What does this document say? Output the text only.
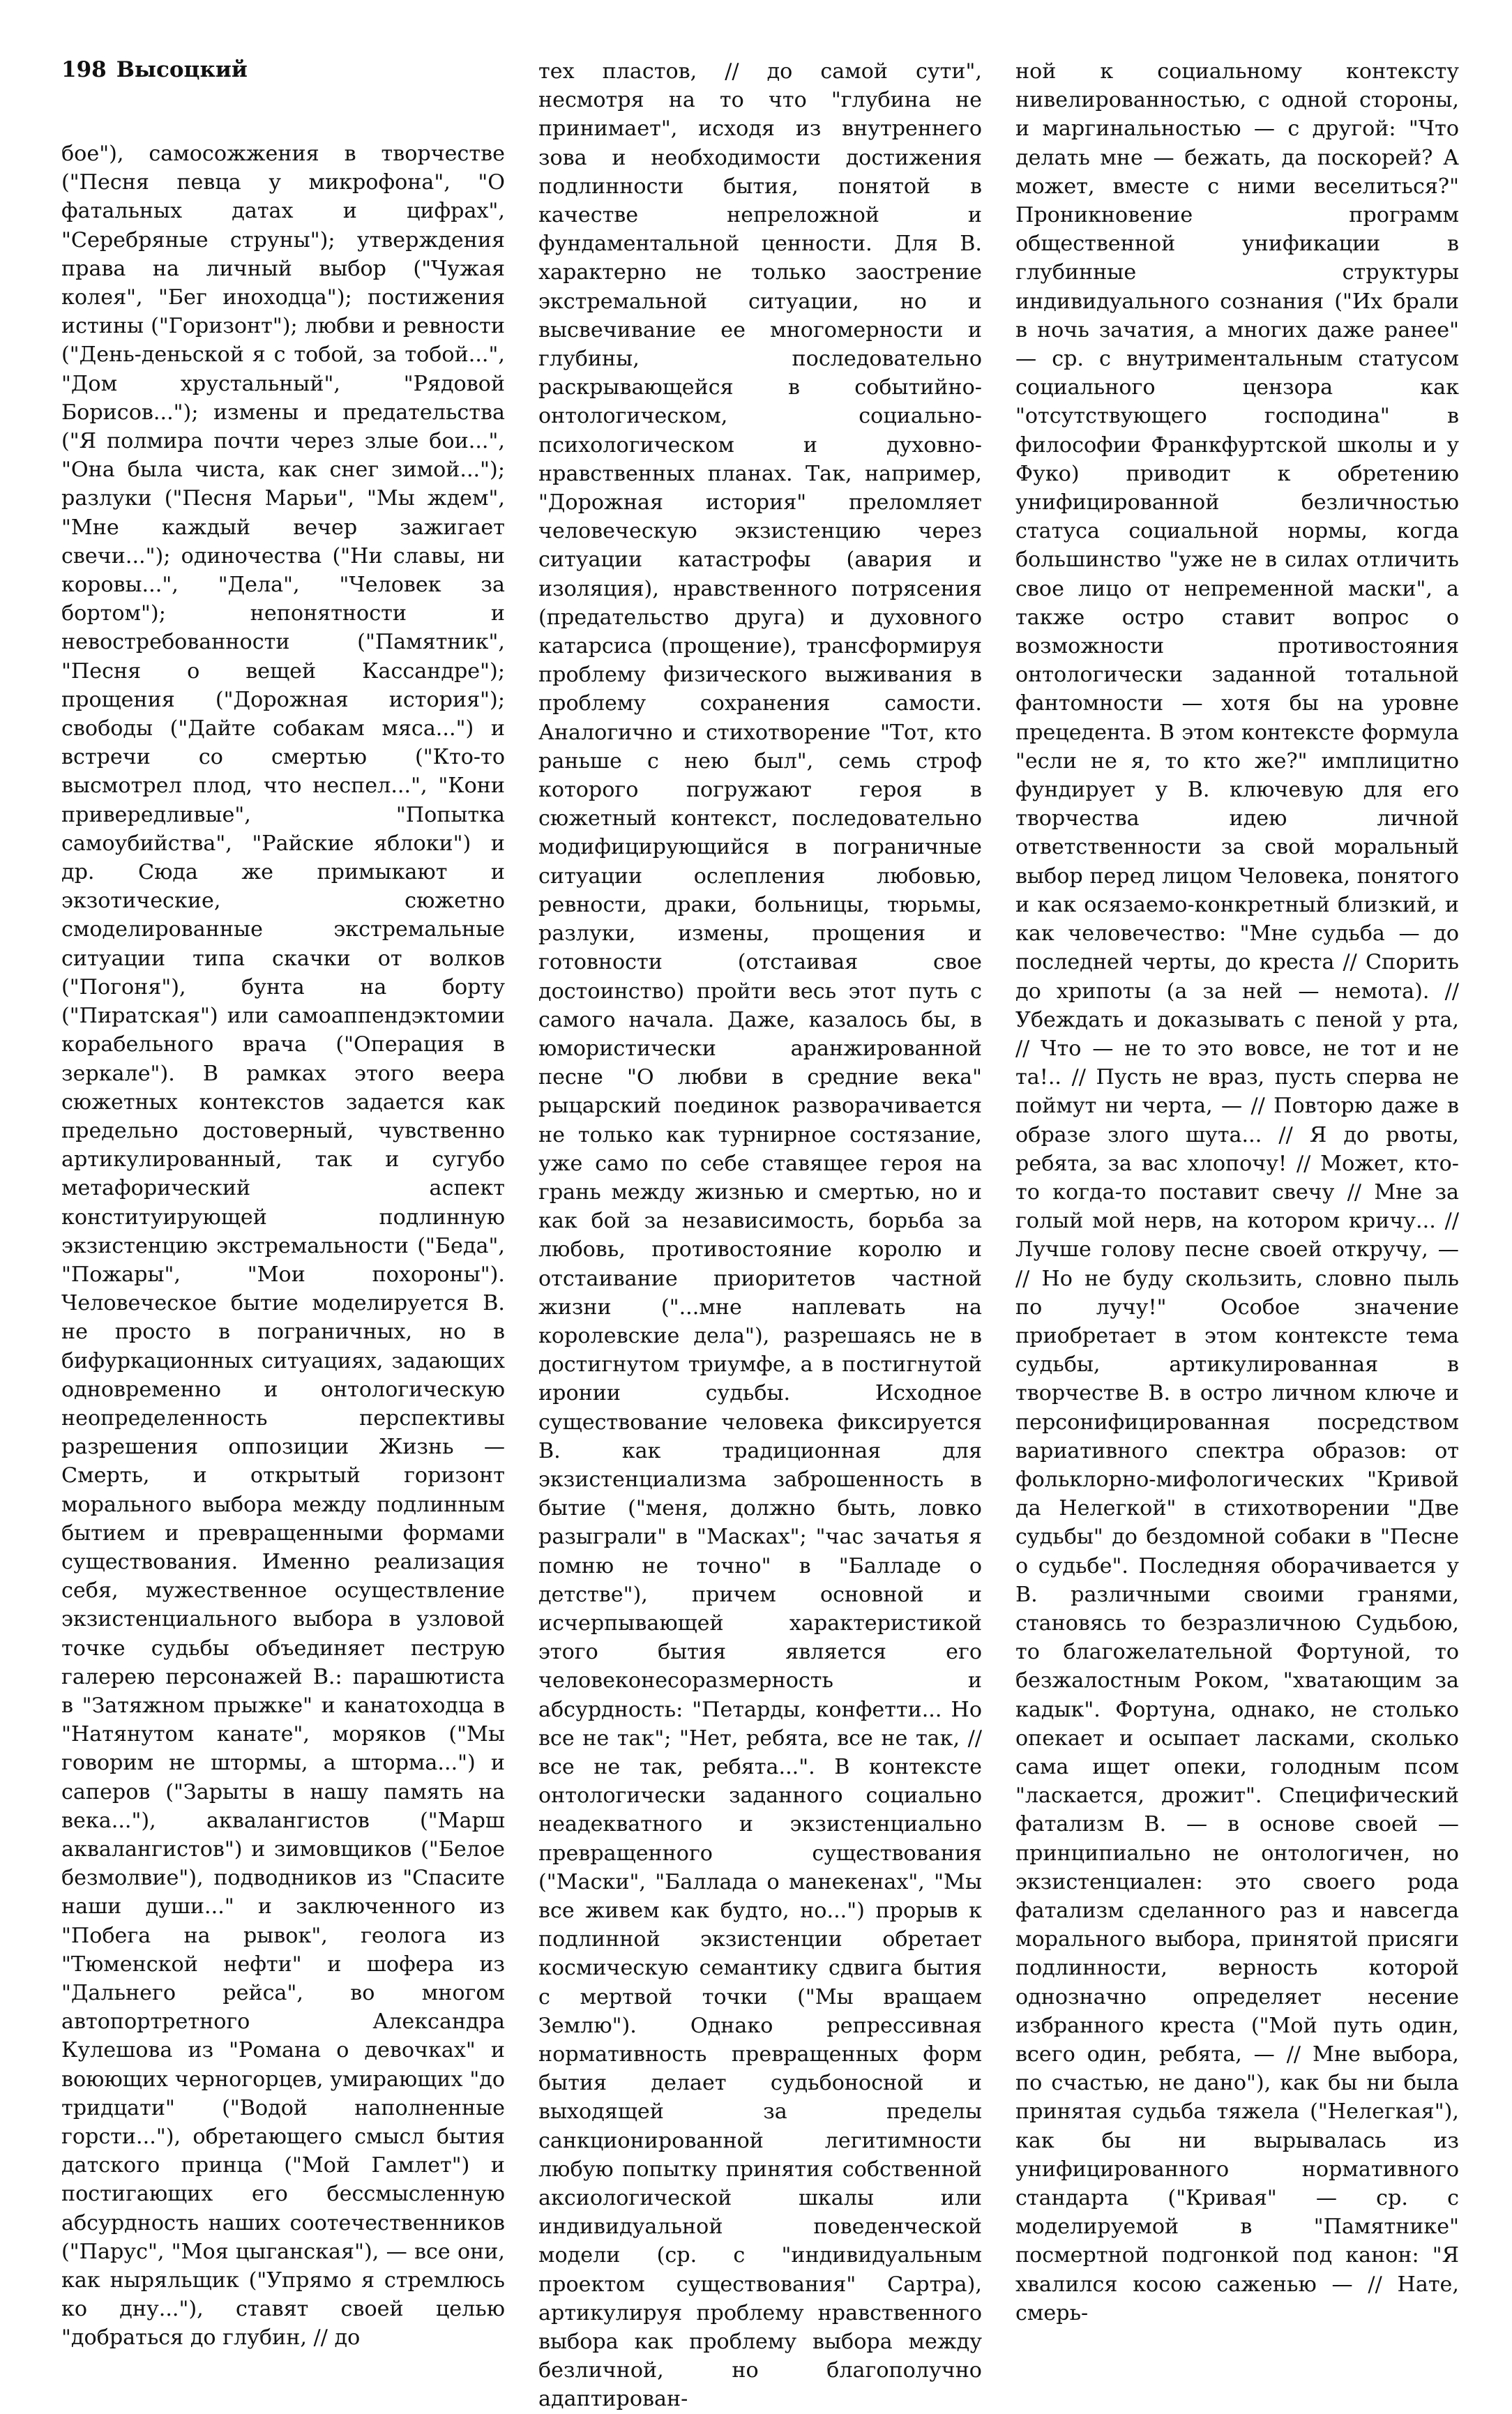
198 Высоцкий

бое"), самосожжения в творчестве ("Песня певца у микрофона", "О фатальных датах и цифрах", "Серебряные струны"); утверждения права на личный выбор ("Чужая колея", "Бег иноходца"); постижения истины ("Горизонт"); любви и ревности ("День-деньской я с тобой, за тобой...", "Дом хрустальный", "Рядовой Борисов..."); измены и предательства ("Я полмира почти через злые бои...", "Она была чиста, как снег зимой..."); разлуки ("Песня Марьи", "Мы ждем", "Мне каждый вечер зажигает свечи..."); одиночества ("Ни славы, ни коровы...", "Дела", "Человек за бортом"); непонятности и невостребованности ("Памятник", "Песня о вещей Кассандре"); прощения ("Дорожная история"); свободы ("Дайте собакам мяса...") и встречи со смертью ("Кто-то высмотрел плод, что неспел...", "Кони привередливые", "Попытка самоубийства", "Райские яблоки") и др. Сюда же примыкают и экзотические, сюжетно смоделированные экстремальные ситуации типа скачки от волков ("Погоня"), бунта на борту ("Пиратская") или самоаппендэктомии корабельного врача ("Операция в зеркале"). В рамках этого веера сюжетных контекстов задается как предельно достоверный, чувственно артикулированный, так и сугубо метафорический аспект конституирующей подлинную экзистенцию экстремальности ("Беда", "Пожары", "Мои похороны"). Человеческое бытие моделируется В. не просто в пограничных, но в бифуркационных ситуациях, задающих одновременно и онтологическую неопределенность перспективы разрешения оппозиции Жизнь — Смерть, и открытый горизонт морального выбора между подлинным бытием и превращенными формами существования. Именно реализация себя, мужественное осуществление экзистенциального выбора в узловой точке судьбы объединяет пеструю галерею персонажей В.: парашютиста в "Затяжном прыжке" и канатоходца в "Натянутом канате", моряков ("Мы говорим не штормы, а шторма...") и саперов ("Зарыты в нашу память на века..."), аквалангистов ("Марш аквалангистов") и зимовщиков ("Белое безмолвие"), подводников из "Спасите наши души..." и заключенного из "Побега на рывок", геолога из "Тюменской нефти" и шофера из "Дальнего рейса", во многом автопортретного Александра Кулешова из "Романа о девочках" и воюющих черногорцев, умирающих "до тридцати" ("Водой наполненные горсти..."), обретающего смысл бытия датского принца ("Мой Гамлет") и постигающих его бессмысленную абсурдность наших соотечественников ("Парус", "Моя цыганская"), — все они, как ныряльщик ("Упрямо я стремлюсь ко дну..."), ставят своей целью "добраться до глубин, // до

тех пластов, // до самой сути", несмотря на то что "глубина не принимает", исходя из внутреннего зова и необходимости достижения подлинности бытия, понятой в качестве непреложной и фундаментальной ценности. Для В. характерно не только заострение экстремальной ситуации, но и высвечивание ее многомерности и глубины, последовательно раскрывающейся в событийно-онтологическом, социально-психологическом и духовно-нравственных планах. Так, например, "Дорожная история" преломляет человеческую экзистенцию через ситуации катастрофы (авария и изоляция), нравственного потрясения (предательство друга) и духовного катарсиса (прощение), трансформируя проблему физического выживания в проблему сохранения самости. Аналогично и стихотворение "Тот, кто раньше с нею был", семь строф которого погружают героя в сюжетный контекст, последовательно модифицирующийся в пограничные ситуации ослепления любовью, ревности, драки, больницы, тюрьмы, разлуки, измены, прощения и готовности (отстаивая свое достоинство) пройти весь этот путь с самого начала. Даже, казалось бы, в юмористически аранжированной песне "О любви в средние века" рыцарский поединок разворачивается не только как турнирное состязание, уже само по себе ставящее героя на грань между жизнью и смертью, но и как бой за независимость, борьба за любовь, противостояние королю и отстаивание приоритетов частной жизни ("...мне наплевать на королевские дела"), разрешаясь не в достигнутом триумфе, а в постигнутой иронии судьбы. Исходное существование человека фиксируется В. как традиционная для экзистенциализма заброшенность в бытие ("меня, должно быть, ловко разыграли" в "Масках"; "час зачатья я помню не точно" в "Балладе о детстве"), причем основной и исчерпывающей характеристикой этого бытия является его человеконесоразмерность и абсурдность: "Петарды, конфетти... Но все не так"; "Нет, ребята, все не так, // все не так, ребята...". В контексте онтологически заданного социально неадекватного и экзистенциально превращенного существования ("Маски", "Баллада о манекенах", "Мы все живем как будто, но...") прорыв к подлинной экзистенции обретает космическую семантику сдвига бытия с мертвой точки ("Мы вращаем Землю"). Однако репрессивная нормативность превращенных форм бытия делает судьбоносной и выходящей за пределы санкционированной легитимности любую попытку принятия собственной аксиологической шкалы или индивидуальной поведенческой модели (ср. с "индивидуальным проектом существования" Сартра), артикулируя проблему нравственного выбора как проблему выбора между безличной, но благополучно адаптирован-

ной к социальному контексту нивелированностью, с одной стороны, и маргинальностью — с другой: "Что делать мне — бежать, да поскорей? А может, вместе с ними веселиться?" Проникновение программ общественной унификации в глубинные структуры индивидуального сознания ("Их брали в ночь зачатия, а многих даже ранее" — ср. с внутриментальным статусом социального цензора как "отсутствующего господина" в философии Франкфуртской школы и у Фуко) приводит к обретению унифицированной безличностью статуса социальной нормы, когда большинство "уже не в силах отличить свое лицо от непременной маски", а также остро ставит вопрос о возможности противостояния онтологически заданной тотальной фантомности — хотя бы на уровне прецедента. В этом контексте формула "если не я, то кто же?" имплицитно фундирует у В. ключевую для его творчества идею личной ответственности за свой моральный выбор перед лицом Человека, понятого и как осязаемо-конкретный близкий, и как человечество: "Мне судьба — до последней черты, до креста // Спорить до хрипоты (а за ней — немота). // Убеждать и доказывать с пеной у рта, // Что — не то это вовсе, не тот и не та!.. // Пусть не враз, пусть сперва не поймут ни черта, — // Повторю даже в образе злого шута... // Я до рвоты, ребята, за вас хлопочу! // Может, кто-то когда-то поставит свечу // Мне за голый мой нерв, на котором кричу... // Лучше голову песне своей откручу, — // Но не буду скользить, словно пыль по лучу!" Особое значение приобретает в этом контексте тема судьбы, артикулированная в творчестве В. в остро личном ключе и персонифицированная посредством вариативного спектра образов: от фольклорно-мифологических "Кривой да Нелегкой" в стихотворении "Две судьбы" до бездомной собаки в "Песне о судьбе". Последняя оборачивается у В. различными своими гранями, становясь то безразличною Судьбою, то благожелательной Фортуной, то безжалостным Роком, "хватающим за кадык". Фортуна, однако, не столько опекает и осыпает ласками, сколько сама ищет опеки, голодным псом "ласкается, дрожит". Специфический фатализм В. — в основе своей — принципиально не онтологичен, но экзистенциален: это своего рода фатализм сделанного раз и навсегда морального выбора, принятой присяги подлинности, верность которой однозначно определяет несение избранного креста ("Мой путь один, всего один, ребята, — // Мне выбора, по счастью, не дано"), как бы ни была принятая судьба тяжела ("Нелегкая"), как бы ни вырывалась из унифицированного нормативного стандарта ("Кривая" — ср. с моделируемой в "Памятнике" посмертной подгонкой под канон: "Я хвалился косою саженью — // Нате, смерь-
